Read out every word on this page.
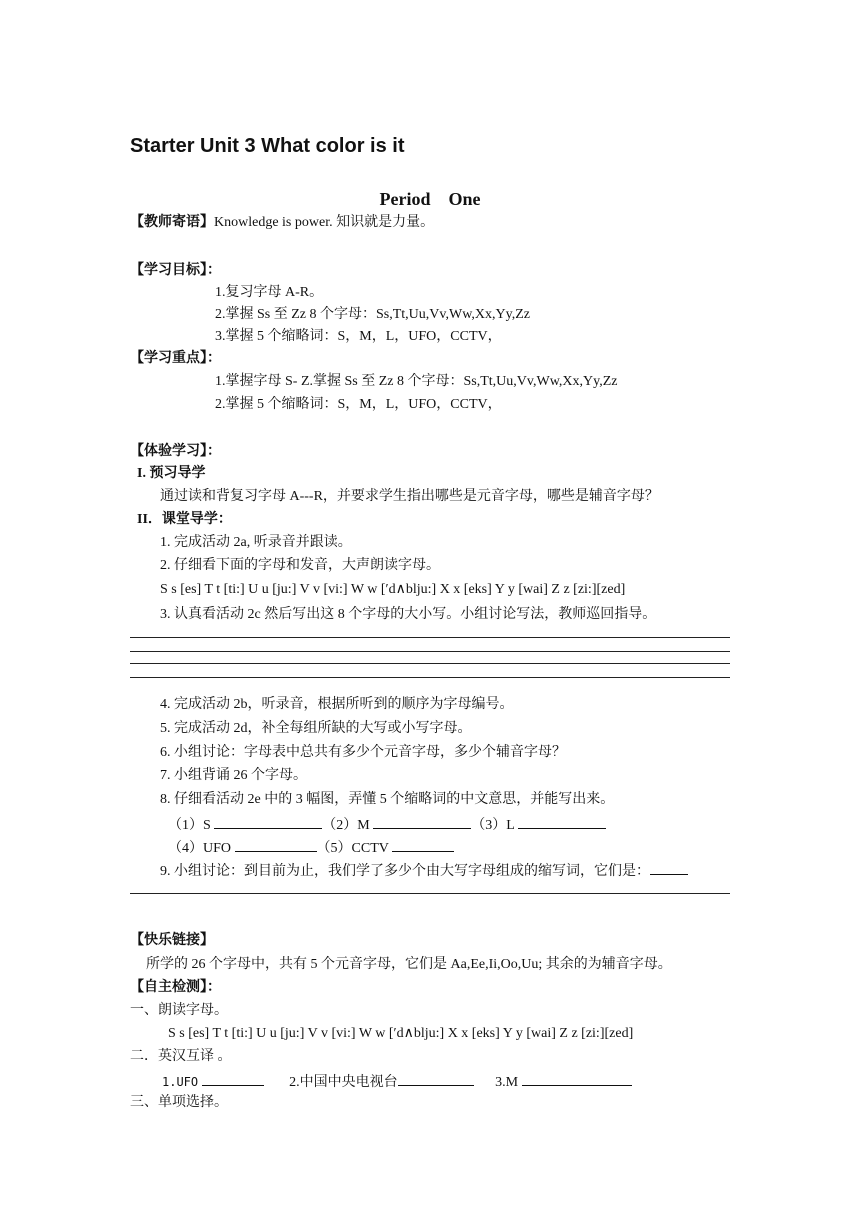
Starter Unit 3 What color is it
Period    One
【教师寄语】Knowledge is power. 知识就是力量。
【学习目标】：
1.复习字母 A-R。
2.掌握 Ss 至 Zz 8 个字母：Ss,Tt,Uu,Vv,Ww,Xx,Yy,Zz
3.掌握 5 个缩略词：S，M，L，UFO，CCTV，
【学习重点】：
1.掌握字母 S- Z.掌握 Ss 至 Zz 8 个字母：Ss,Tt,Uu,Vv,Ww,Xx,Yy,Zz
2.掌握 5 个缩略词：S，M，L，UFO，CCTV，
【体验学习】：
I. 预习导学
通过读和背复习字母 A---R，并要求学生指出哪些是元音字母，哪些是辅音字母？
II．课堂导学：
1. 完成活动 2a, 听录音并跟读。
2. 仔细看下面的字母和发音，大声朗读字母。
S s [es] T t [ti:] U u [ju:] V v [vi:] W w [′d∧blju:] X x [eks] Y y [wai] Z z [zi:][zed]
3. 认真看活动 2c 然后写出这 8 个字母的大小写。小组讨论写法，教师巡回指导。
4. 完成活动 2b，听录音，根据所听到的顺序为字母编号。
5. 完成活动 2d，补全每组所缺的大写或小写字母。
6. 小组讨论：字母表中总共有多少个元音字母，多少个辅音字母？
7. 小组背诵 26 个字母。
8. 仔细看活动 2e 中的 3 幅图，弄懂 5 个缩略词的中文意思，并能写出来。
（1）S	（2）M	（3）L
（4）UFO	（5）CCTV
9. 小组讨论：到目前为止，我们学了多少个由大写字母组成的缩写词，它们是：
【快乐链接】
所学的 26 个字母中，共有 5 个元音字母，它们是 Aa,Ee,Ii,Oo,Uu; 其余的为辅音字母。
【自主检测】：
一、朗读字母。
S s [es] T t [ti:] U u [ju:] V v [vi:] W w [′d∧blju:] X x [eks] Y y [wai] Z z [zi:][zed]
二．英汉互译 。
1.UFO	2.中国中央电视台	3.M
三、单项选择。
